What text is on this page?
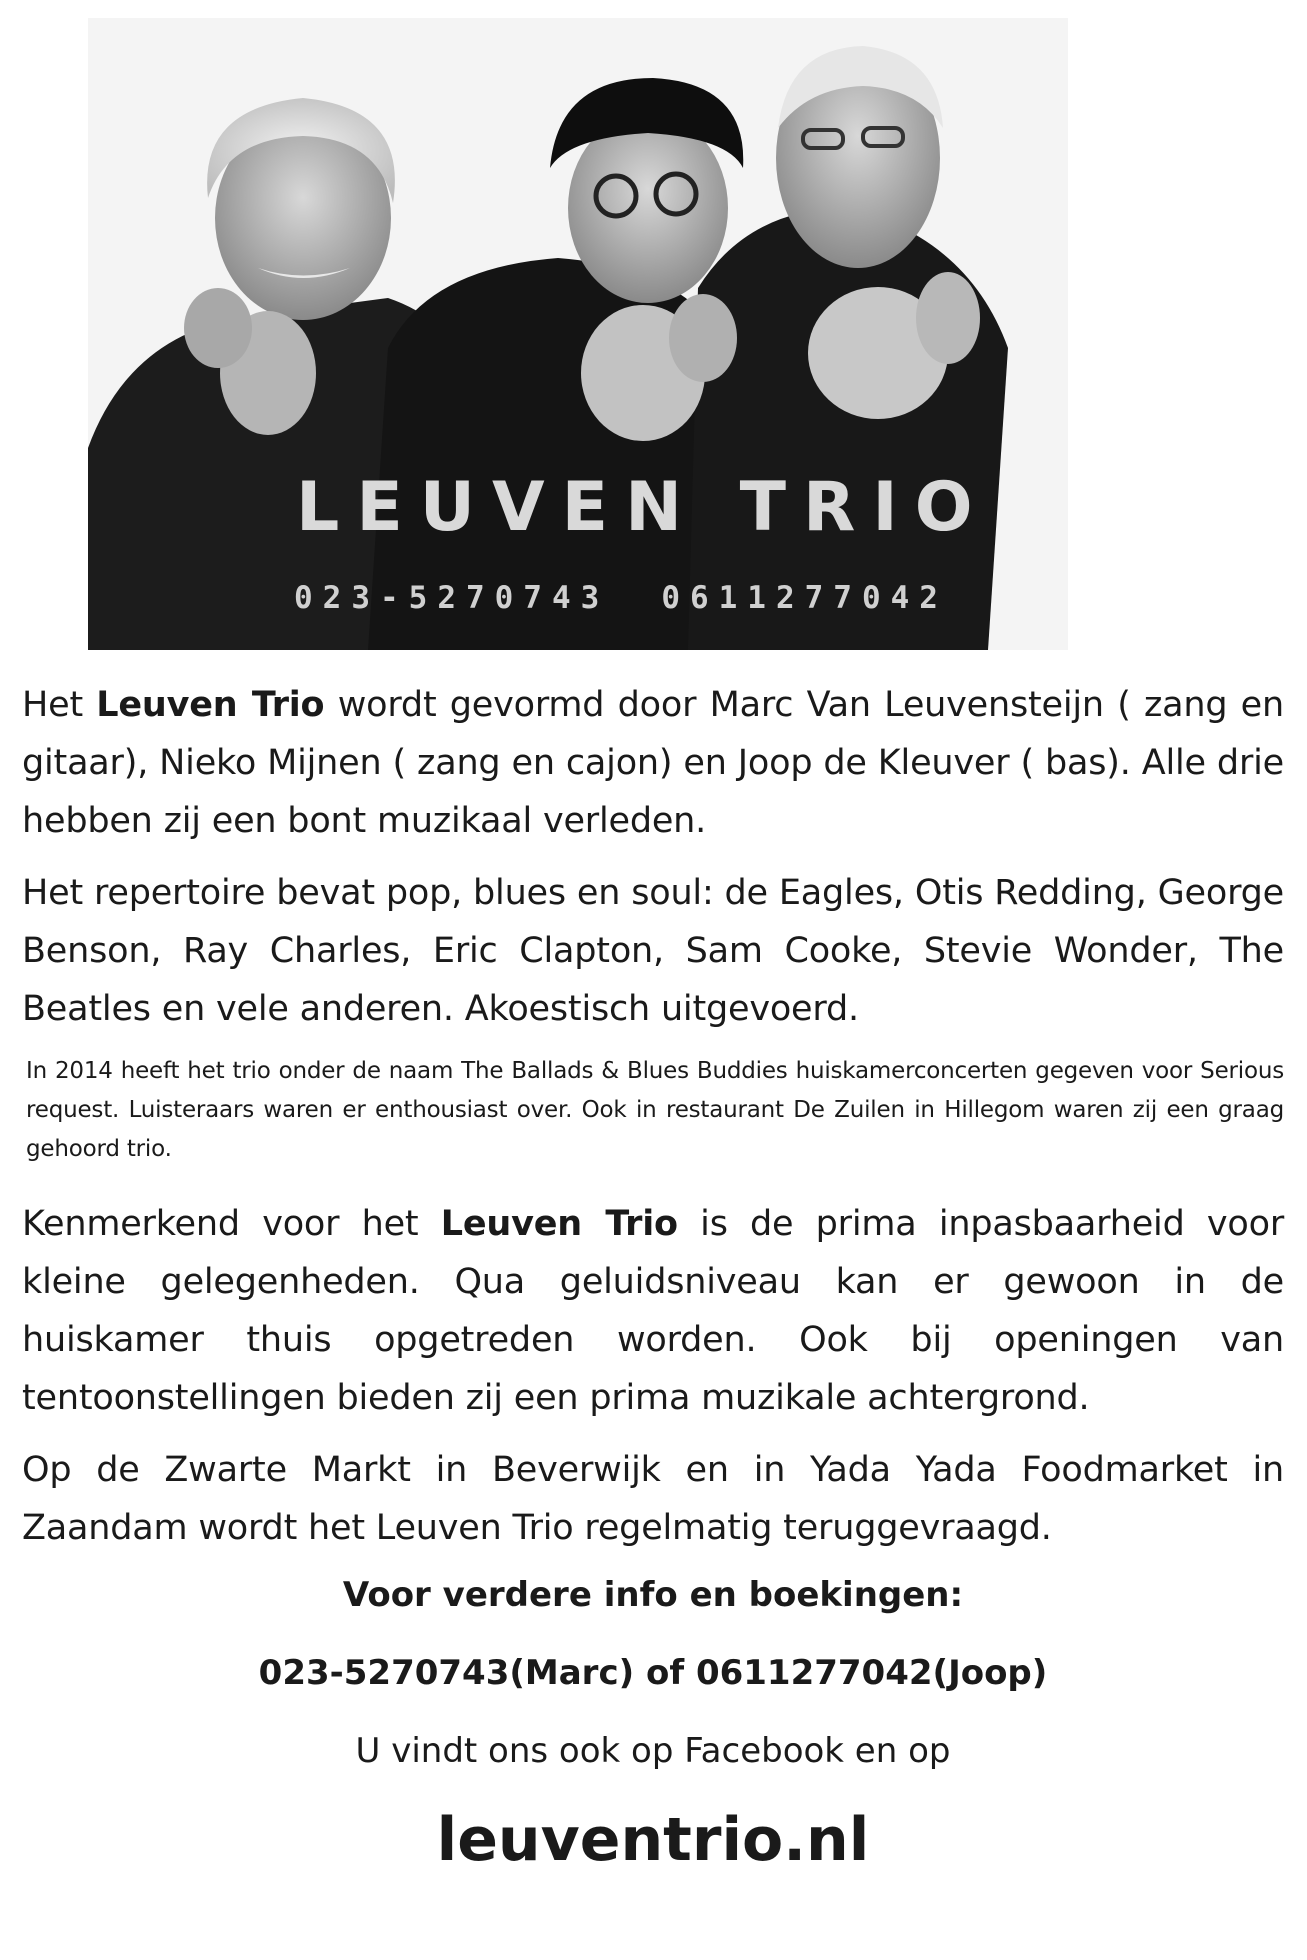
LEUVEN TRIO
023-5270743 0611277042

Het Leuven Trio wordt gevormd door Marc Van Leuvensteijn ( zang en gitaar), Nieko Mijnen ( zang en cajon) en Joop de Kleuver ( bas). Alle drie hebben zij een bont muzikaal verleden.

Het repertoire bevat pop, blues en soul: de Eagles, Otis Redding, George Benson, Ray Charles, Eric Clapton, Sam Cooke, Stevie Wonder, The Beatles en vele anderen. Akoestisch uitgevoerd.

In 2014 heeft het trio onder de naam The Ballads & Blues Buddies huiskamerconcerten gegeven voor Serious request. Luisteraars waren er enthousiast over. Ook in restaurant De Zuilen in Hillegom waren zij een graag gehoord trio.

Kenmerkend voor het Leuven Trio is de prima inpasbaarheid voor kleine gelegenheden. Qua geluidsniveau kan er gewoon in de huiskamer thuis opgetreden worden. Ook bij openingen van tentoonstellingen bieden zij een prima muzikale achtergrond.

Op de Zwarte Markt in Beverwijk en in Yada Yada Foodmarket in Zaandam wordt het Leuven Trio regelmatig teruggevraagd.

Voor verdere info en boekingen:

023-5270743(Marc) of 0611277042(Joop)

U vindt ons ook op Facebook en op

leuventrio.nl
